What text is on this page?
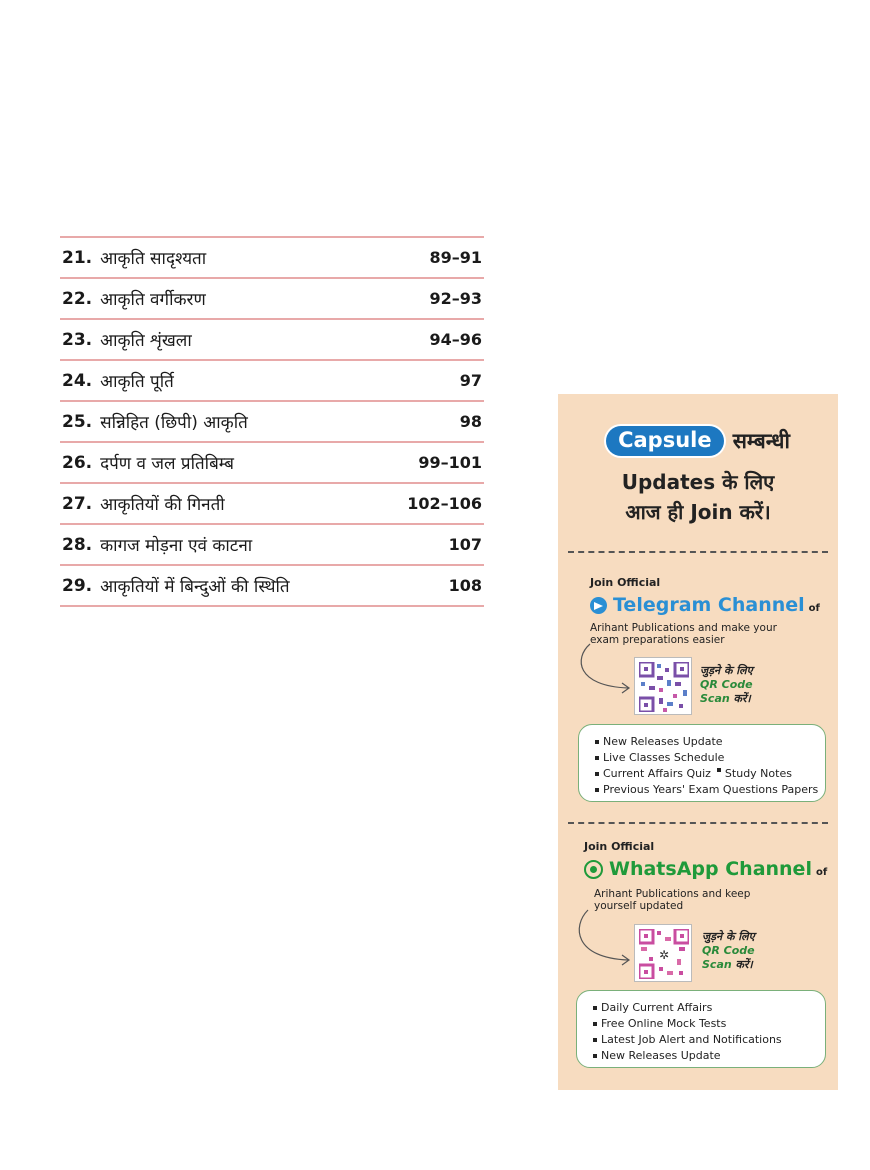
21. आकृति सादृश्यता	89–91
22. आकृति वर्गीकरण	92–93
23. आकृति शृंखला	94–96
24. आकृति पूर्ति	97
25. सन्निहित (छिपी) आकृति	98
26. दर्पण व जल प्रतिबिम्ब	99–101
27. आकृतियों की गिनती	102–106
28. कागज मोड़ना एवं काटना	107
29. आकृतियों में बिन्दुओं की स्थिति	108
Capsule सम्बन्धी
Updates के लिए
आज ही Join करें।
Join Official
Telegram Channel of
Arihant Publications and make your
exam preparations easier
जुड़ने के लिए
QR Code
Scan करें।
New Releases Update
Live Classes Schedule
Current Affairs Quiz Study Notes
Previous Years' Exam Questions Papers
Join Official
WhatsApp Channel of
Arihant Publications and keep
yourself updated
✲
जुड़ने के लिए
QR Code
Scan करें।
Daily Current Affairs
Free Online Mock Tests
Latest Job Alert and Notifications
New Releases Update
